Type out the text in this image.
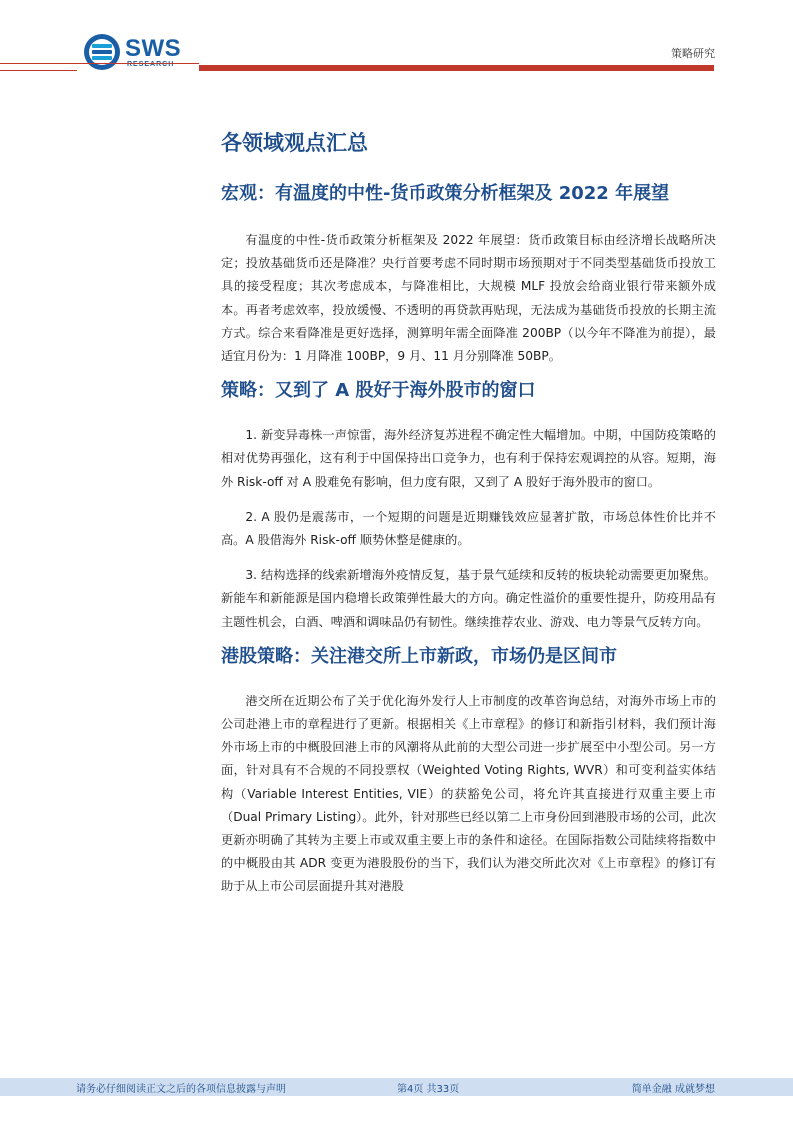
SWS
RESEARCH
策略研究
各领域观点汇总
宏观：有温度的中性-货币政策分析框架及 2022 年展望

有温度的中性-货币政策分析框架及 2022 年展望：货币政策目标由经济增长战略所决定；投放基础货币还是降准？央行首要考虑不同时期市场预期对于不同类型基础货币投放工具的接受程度；其次考虑成本，与降准相比，大规模 MLF 投放会给商业银行带来额外成本。再者考虑效率，投放缓慢、不透明的再贷款再贴现，无法成为基础货币投放的长期主流方式。综合来看降准是更好选择，测算明年需全面降准 200BP（以今年不降准为前提），最适宜月份为：1 月降准 100BP，9 月、11 月分别降准 50BP。

策略：又到了 A 股好于海外股市的窗口

1. 新变异毒株一声惊雷，海外经济复苏进程不确定性大幅增加。中期，中国防疫策略的相对优势再强化，这有利于中国保持出口竞争力，也有利于保持宏观调控的从容。短期，海外 Risk-off 对 A 股难免有影响，但力度有限，又到了 A 股好于海外股市的窗口。

2. A 股仍是震荡市，一个短期的问题是近期赚钱效应显著扩散，市场总体性价比并不高。A 股借海外 Risk-off 顺势休整是健康的。

3. 结构选择的线索新增海外疫情反复，基于景气延续和反转的板块轮动需要更加聚焦。新能车和新能源是国内稳增长政策弹性最大的方向。确定性溢价的重要性提升，防疫用品有主题性机会，白酒、啤酒和调味品仍有韧性。继续推荐农业、游戏、电力等景气反转方向。

港股策略：关注港交所上市新政，市场仍是区间市

港交所在近期公布了关于优化海外发行人上市制度的改革咨询总结，对海外市场上市的公司赴港上市的章程进行了更新。根据相关《上市章程》的修订和新指引材料，我们预计海外市场上市的中概股回港上市的风潮将从此前的大型公司进一步扩展至中小型公司。另一方面，针对具有不合规的不同投票权（Weighted Voting Rights, WVR）和可变利益实体结构（Variable Interest Entities, VIE）的获豁免公司，将允许其直接进行双重主要上市（Dual Primary Listing）。此外，针对那些已经以第二上市身份回到港股市场的公司，此次更新亦明确了其转为主要上市或双重主要上市的条件和途径。在国际指数公司陆续将指数中的中概股由其 ADR 变更为港股股份的当下，我们认为港交所此次对《上市章程》的修订有助于从上市公司层面提升其对港股

请务必仔细阅读正文之后的各项信息披露与声明	第4页 共33页	简单金融 成就梦想
